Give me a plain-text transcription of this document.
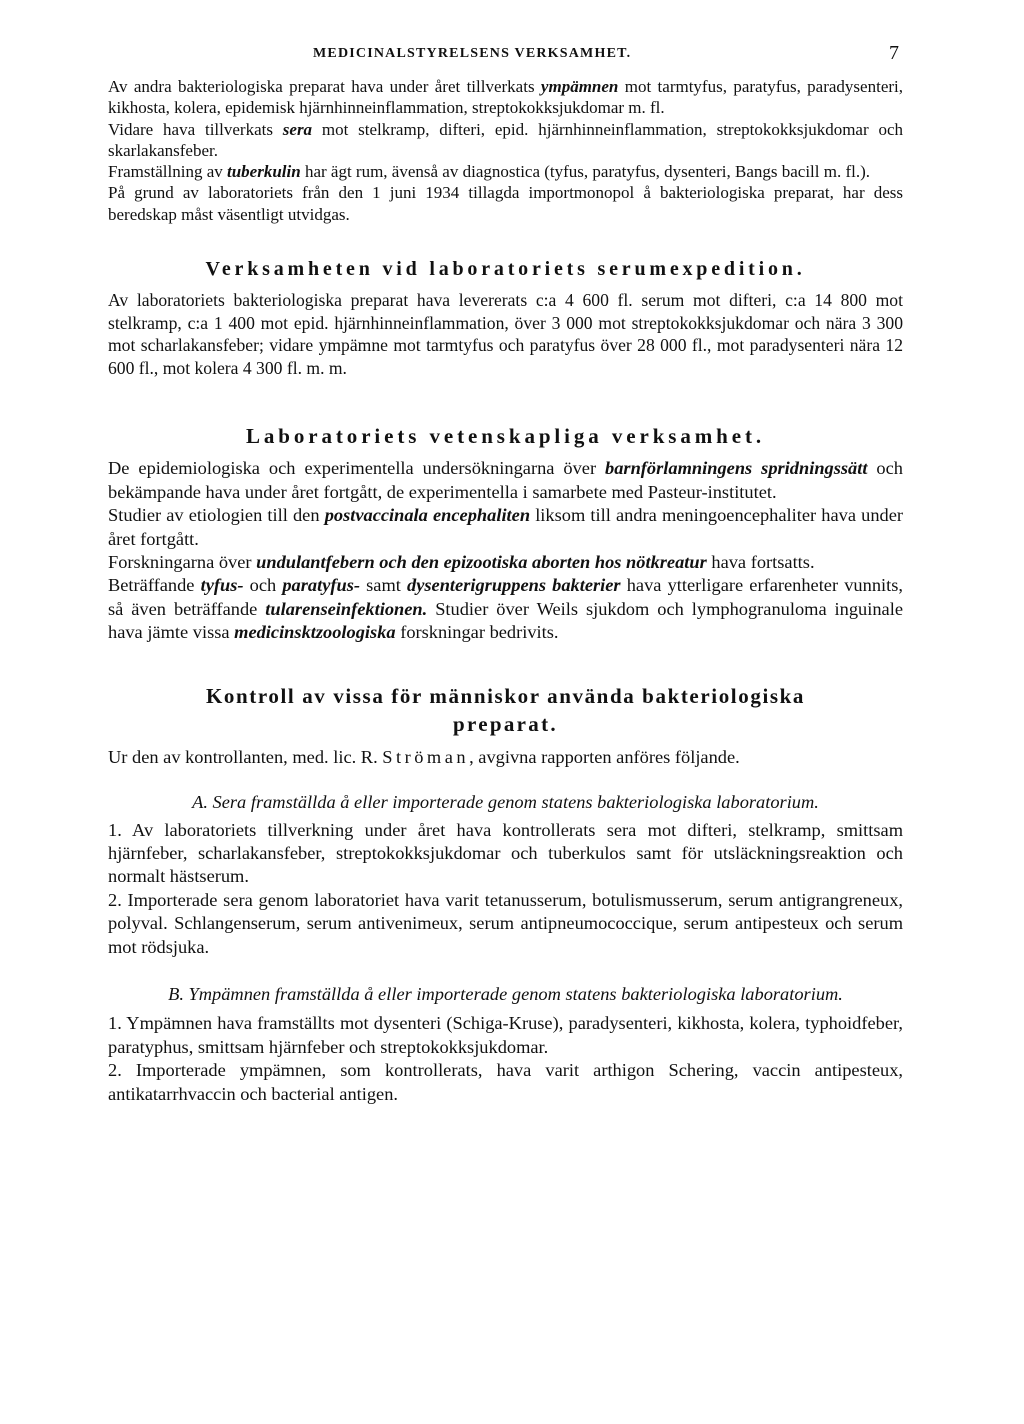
MEDICINALSTYRELSENS VERKSAMHET.	7

Av andra bakteriologiska preparat hava under året tillverkats ympämnen mot tarmtyfus, paratyfus, paradysenteri, kikhosta, kolera, epidemisk hjärnhinneinflammation, streptokokksjukdomar m. fl.

Vidare hava tillverkats sera mot stelkramp, difteri, epid. hjärnhinneinflammation, streptokokksjukdomar och skarlakansfeber.

Framställning av tuberkulin har ägt rum, ävenså av diagnostica (tyfus, paratyfus, dysenteri, Bangs bacill m. fl.).

På grund av laboratoriets från den 1 juni 1934 tillagda importmonopol å bakteriologiska preparat, har dess beredskap måst väsentligt utvidgas.

Verksamheten vid laboratoriets serumexpedition.

Av laboratoriets bakteriologiska preparat hava levererats c:a 4 600 fl. serum mot difteri, c:a 14 800 mot stelkramp, c:a 1 400 mot epid. hjärnhinneinflammation, över 3 000 mot streptokokksjukdomar och nära 3 300 mot scharlakansfeber; vidare ympämne mot tarmtyfus och paratyfus över 28 000 fl., mot paradysenteri nära 12 600 fl., mot kolera 4 300 fl. m. m.

Laboratoriets vetenskapliga verksamhet.

De epidemiologiska och experimentella undersökningarna över barnförlamningens spridningssätt och bekämpande hava under året fortgått, de experimentella i samarbete med Pasteur-institutet.

Studier av etiologien till den postvaccinala encephaliten liksom till andra meningoencephaliter hava under året fortgått.

Forskningarna över undulantfebern och den epizootiska aborten hos nötkreatur hava fortsatts.

Beträffande tyfus- och paratyfus- samt dysenterigruppens bakterier hava ytterligare erfarenheter vunnits, så även beträffande tularenseinfektionen. Studier över Weils sjukdom och lymphogranuloma inguinale hava jämte vissa medicinsktzoologiska forskningar bedrivits.

Kontroll av vissa för människor använda bakteriologiska
preparat.

Ur den av kontrollanten, med. lic. R. Ströman, avgivna rapporten anföres följande.

A. Sera framställda å eller importerade genom statens bakteriologiska laboratorium.

1. Av laboratoriets tillverkning under året hava kontrollerats sera mot difteri, stelkramp, smittsam hjärnfeber, scharlakansfeber, streptokokksjukdomar och tuberkulos samt för utsläckningsreaktion och normalt hästserum.

2. Importerade sera genom laboratoriet hava varit tetanusserum, botulismusserum, serum antigrangreneux, polyval. Schlangenserum, serum antivenimeux, serum antipneumococcique, serum antipesteux och serum mot rödsjuka.

B. Ympämnen framställda å eller importerade genom statens bakteriologiska laboratorium.

1. Ympämnen hava framställts mot dysenteri (Schiga-Kruse), paradysenteri, kikhosta, kolera, typhoidfeber, paratyphus, smittsam hjärnfeber och streptokokksjukdomar.

2. Importerade ympämnen, som kontrollerats, hava varit arthigon Schering, vaccin antipesteux, antikatarrhvaccin och bacterial antigen.
